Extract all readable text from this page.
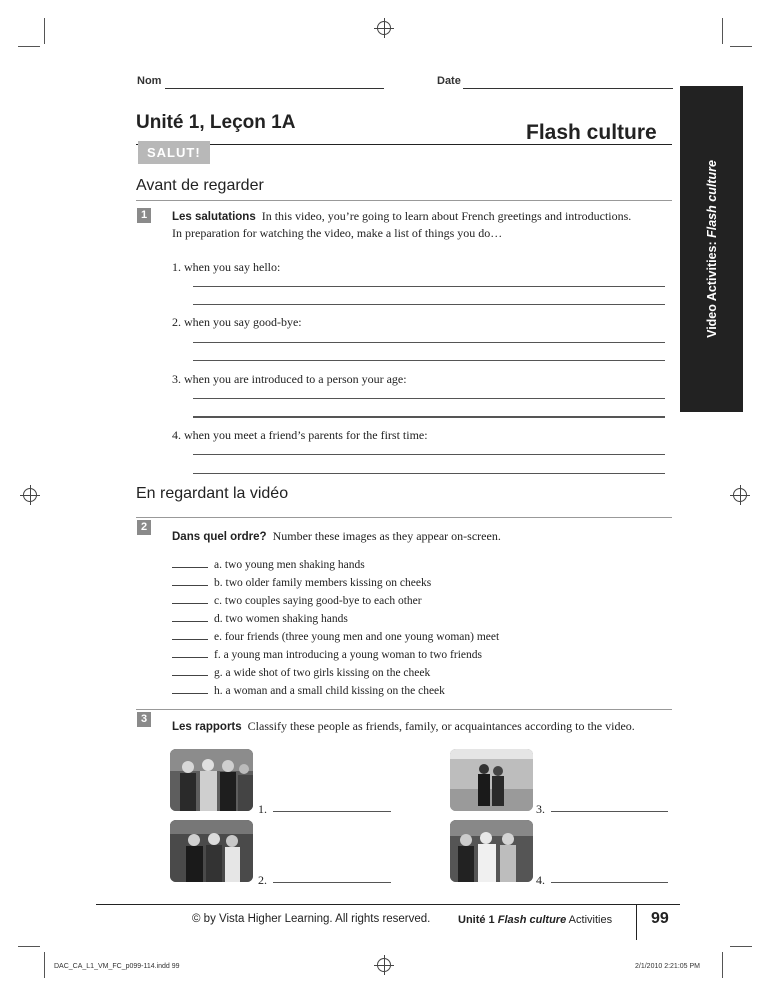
Nom	Date
Unité 1, Leçon 1A	Flash culture
SALUT!
Video Activities: Flash culture
Avant de regarder
1	Les salutations In this video, you’re going to learn about French greetings and introductions.
In preparation for watching the video, make a list of things you do…
1. when you say hello:
2. when you say good-bye:
3. when you are introduced to a person your age:
4. when you meet a friend’s parents for the first time:
En regardant la vidéo
2
Dans quel ordre? Number these images as they appear on-screen.
a. two young men shaking hands
b. two older family members kissing on cheeks
c. two couples saying good-bye to each other
d. two women shaking hands
e. four friends (three young men and one young woman) meet
f. a young man introducing a young woman to two friends
g. a wide shot of two girls kissing on the cheek
h. a woman and a small child kissing on the cheek
3
Les rapports Classify these people as friends, family, or acquaintances according to the video.
1.
2.
3.
4.
© by Vista Higher Learning. All rights reserved.	Unité 1 Flash culture Activities 99
DAC_CA_L1_VM_FC_p099-114.indd 99	2/1/2010 2:21:05 PM
